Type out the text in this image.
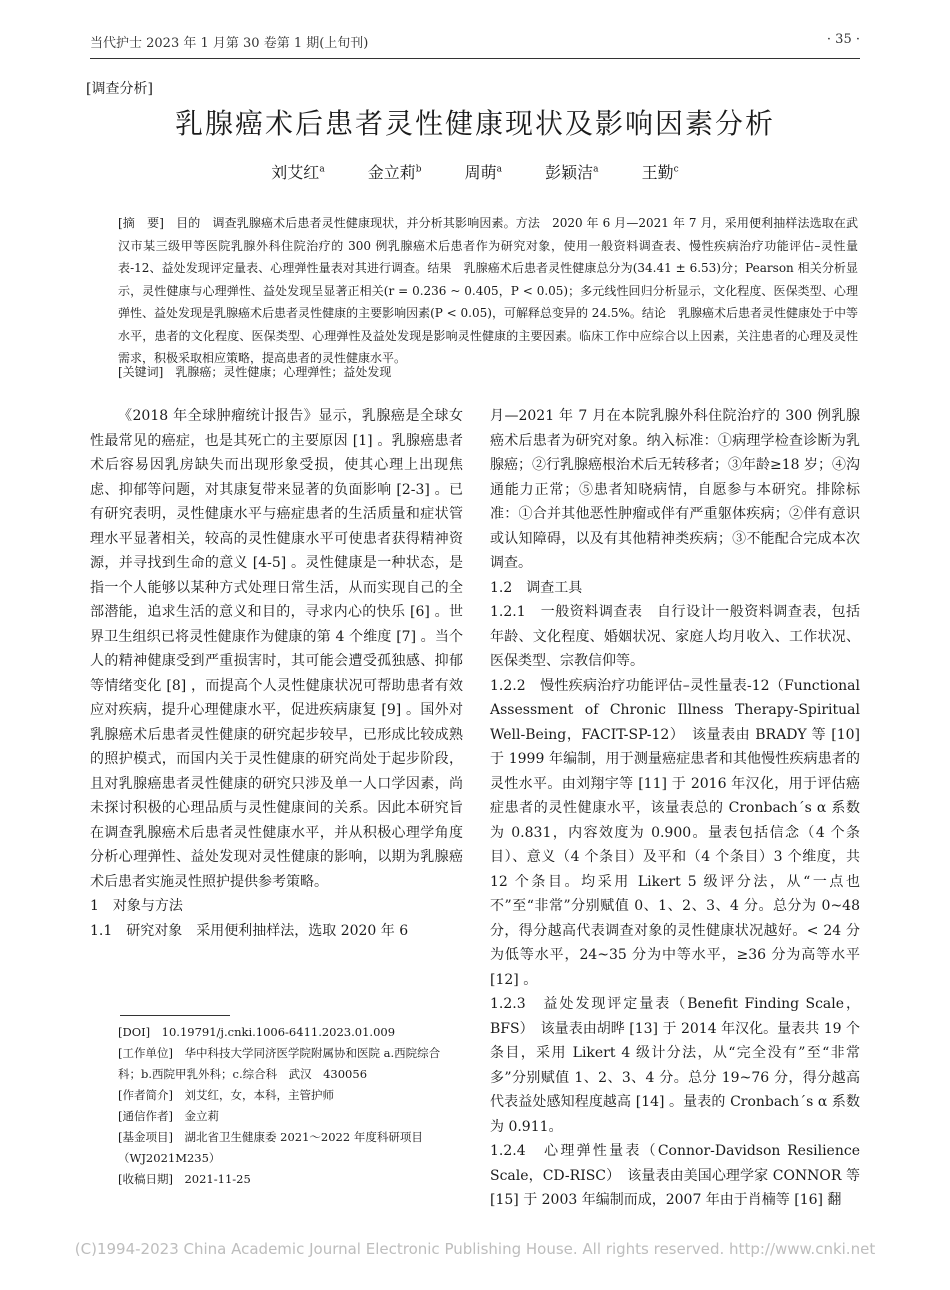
当代护士 2023 年 1 月第 30 卷第 1 期(上旬刊)	· 35 ·
[调查分析]
乳腺癌术后患者灵性健康现状及影响因素分析
刘艾红$^a$	金立莉$^b$	周萌$^a$	彭颖洁$^a$	王勤$^c$
[摘　要]　目的　调查乳腺癌术后患者灵性健康现状，并分析其影响因素。方法　2020 年 6 月—2021 年 7 月，采用便利抽样法选取在武汉市某三级甲等医院乳腺外科住院治疗的 300 例乳腺癌术后患者作为研究对象，使用一般资料调查表、慢性疾病治疗功能评估–灵性量表-12、益处发现评定量表、心理弹性量表对其进行调查。结果　乳腺癌术后患者灵性健康总分为(34.41 ± 6.53)分；Pearson 相关分析显示，灵性健康与心理弹性、益处发现呈显著正相关(r = 0.236 ~ 0.405，P < 0.05)；多元线性回归分析显示，文化程度、医保类型、心理弹性、益处发现是乳腺癌术后患者灵性健康的主要影响因素(P < 0.05)，可解释总变异的 24.5%。结论　乳腺癌术后患者灵性健康处于中等水平，患者的文化程度、医保类型、心理弹性及益处发现是影响灵性健康的主要因素。临床工作中应综合以上因素，关注患者的心理及灵性需求，积极采取相应策略，提高患者的灵性健康水平。
[关键词]　乳腺癌；灵性健康；心理弹性；益处发现

《2018 年全球肿瘤统计报告》显示，乳腺癌是全球女性最常见的癌症，也是其死亡的主要原因 [1] 。乳腺癌患者术后容易因乳房缺失而出现形象受损，使其心理上出现焦虑、抑郁等问题，对其康复带来显著的负面影响 [2-3] 。已有研究表明，灵性健康水平与癌症患者的生活质量和症状管理水平显著相关，较高的灵性健康水平可使患者获得精神资源，并寻找到生命的意义 [4-5] 。灵性健康是一种状态，是指一个人能够以某种方式处理日常生活，从而实现自己的全部潜能，追求生活的意义和目的，寻求内心的快乐 [6] 。世界卫生组织已将灵性健康作为健康的第 4 个维度 [7] 。当个人的精神健康受到严重损害时，其可能会遭受孤独感、抑郁等情绪变化 [8] ，而提高个人灵性健康状况可帮助患者有效应对疾病，提升心理健康水平，促进疾病康复 [9] 。国外对乳腺癌术后患者灵性健康的研究起步较早，已形成比较成熟的照护模式，而国内关于灵性健康的研究尚处于起步阶段，且对乳腺癌患者灵性健康的研究只涉及单一人口学因素，尚未探讨积极的心理品质与灵性健康间的关系。因此本研究旨在调查乳腺癌术后患者灵性健康水平，并从积极心理学角度分析心理弹性、益处发现对灵性健康的影响，以期为乳腺癌术后患者实施灵性照护提供参考策略。

1　对象与方法

1.1　研究对象　采用便利抽样法，选取 2020 年 6

月—2021 年 7 月在本院乳腺外科住院治疗的 300 例乳腺癌术后患者为研究对象。纳入标准：①病理学检查诊断为乳腺癌；②行乳腺癌根治术后无转移者；③年龄≥18 岁；④沟通能力正常；⑤患者知晓病情，自愿参与本研究。排除标准：①合并其他恶性肿瘤或伴有严重躯体疾病；②伴有意识或认知障碍，以及有其他精神类疾病；③不能配合完成本次调查。

1.2　调查工具

1.2.1　一般资料调查表　自行设计一般资料调查表，包括年龄、文化程度、婚姻状况、家庭人均月收入、工作状况、医保类型、宗教信仰等。

1.2.2　慢性疾病治疗功能评估–灵性量表-12（Functional Assessment of Chronic Illness Therapy-Spiritual Well-Being，FACIT-SP-12）　该量表由 BRADY 等 [10] 于 1999 年编制，用于测量癌症患者和其他慢性疾病患者的灵性水平。由刘翔宇等 [11] 于 2016 年汉化，用于评估癌症患者的灵性健康水平，该量表总的 Cronbach´s α 系数为 0.831，内容效度为 0.900。量表包括信念（4 个条目）、意义（4 个条目）及平和（4 个条目）3 个维度，共 12 个条目。均采用 Likert 5 级评分法，从“一点也不”至“非常”分别赋值 0、1、2、3、4 分。总分为 0~48 分，得分越高代表调查对象的灵性健康状况越好。< 24 分为低等水平，24~35 分为中等水平，≥36 分为高等水平 [12] 。

1.2.3　益处发现评定量表（Benefit Finding Scale，BFS）　该量表由胡晔 [13] 于 2014 年汉化。量表共 19 个条目，采用 Likert 4 级计分法，从“完全没有”至“非常多”分别赋值 1、2、3、4 分。总分 19~76 分，得分越高代表益处感知程度越高 [14] 。量表的 Cronbach´s α 系数为 0.911。

1.2.4　心理弹性量表（Connor-Davidson Resilience Scale，CD-RISC）　该量表由美国心理学家 CONNOR 等 [15] 于 2003 年编制而成，2007 年由于肖楠等 [16] 翻

[DOI]　10.19791/j.cnki.1006-6411.2023.01.009

[工作单位]　华中科技大学同济医学院附属协和医院 a.西院综合科；b.西院甲乳外科；c.综合科　武汉　430056

[作者简介]　刘艾红，女，本科，主管护师

[通信作者]　金立莉

[基金项目]　湖北省卫生健康委 2021～2022 年度科研项目（WJ2021M235）

[收稿日期]　2021-11-25

(C)1994-2023 China Academic Journal Electronic Publishing House. All rights reserved. http://www.cnki.net
